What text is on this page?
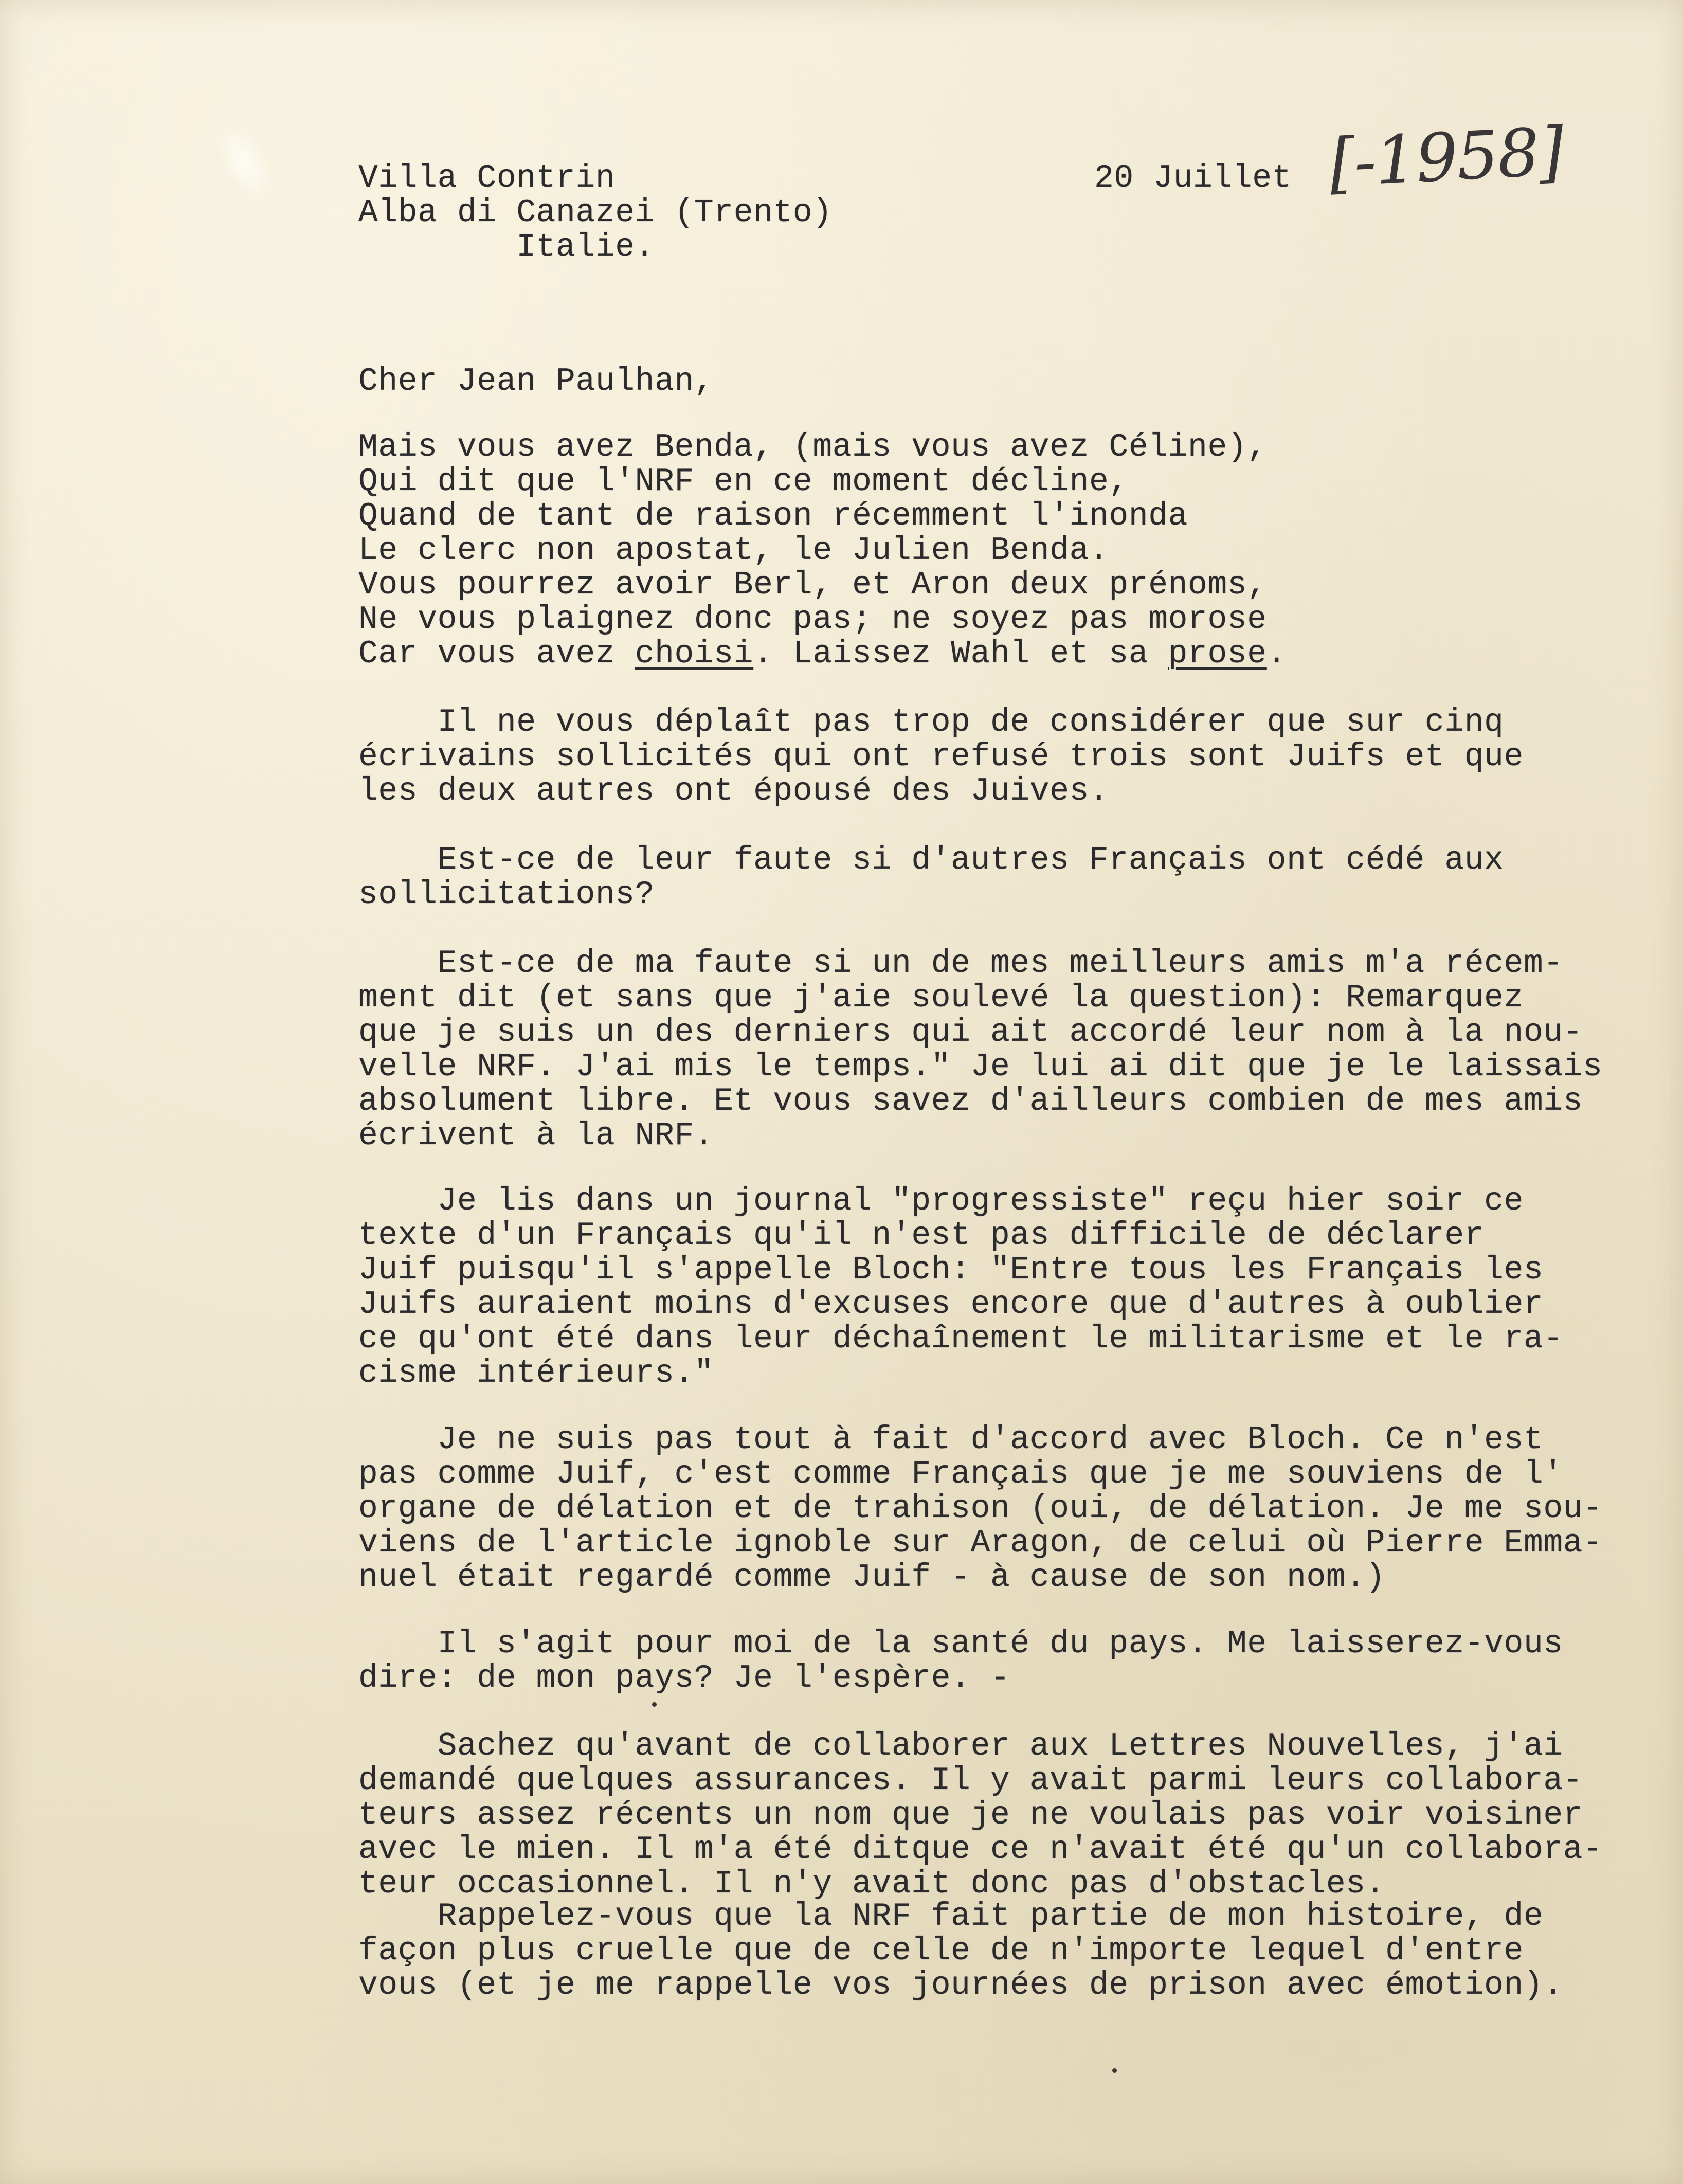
Villa Contrin
Alba di Canazei (Trento)
Italie.

20 Juillet [-1958]

Cher Jean Paulhan,

Mais vous avez Benda, (mais vous avez Céline),
Qui dit que l'NRF en ce moment décline,
Quand de tant de raison récemment l'inonda
Le clerc non apostat, le Julien Benda.
Vous pourrez avoir Berl, et Aron deux prénoms,
Ne vous plaignez donc pas; ne soyez pas morose
Car vous avez choisi. Laissez Wahl et sa prose.

Il ne vous déplaît pas trop de considérer que sur cinq
écrivains sollicités qui ont refusé trois sont Juifs et que
les deux autres ont épousé des Juives.

Est-ce de leur faute si d'autres Français ont cédé aux
sollicitations?

Est-ce de ma faute si un de mes meilleurs amis m'a récem-
ment dit (et sans que j'aie soulevé la question): Remarquez
que je suis un des derniers qui ait accordé leur nom à la nou-
velle NRF. J'ai mis le temps." Je lui ai dit que je le laissais
absolument libre. Et vous savez d'ailleurs combien de mes amis
écrivent à la NRF.

Je lis dans un journal "progressiste" reçu hier soir ce
texte d'un Français qu'il n'est pas difficile de déclarer
Juif puisqu'il s'appelle Bloch: "Entre tous les Français les
Juifs auraient moins d'excuses encore que d'autres à oublier
ce qu'ont été dans leur déchaînement le militarisme et le ra-
cisme intérieurs."

Je ne suis pas tout à fait d'accord avec Bloch. Ce n'est
pas comme Juif, c'est comme Français que je me souviens de l'
organe de délation et de trahison (oui, de délation. Je me sou-
viens de l'article ignoble sur Aragon, de celui où Pierre Emma-
nuel était regardé comme Juif - à cause de son nom.)

Il s'agit pour moi de la santé du pays. Me laisserez-vous
dire: de mon pays? Je l'espère. -

Sachez qu'avant de collaborer aux Lettres Nouvelles, j'ai
demandé quelques assurances. Il y avait parmi leurs collabora-
teurs assez récents un nom que je ne voulais pas voir voisiner
avec le mien. Il m'a été ditque ce n'avait été qu'un collabora-
teur occasionnel. Il n'y avait donc pas d'obstacles.

Rappelez-vous que la NRF fait partie de mon histoire, de
façon plus cruelle que de celle de n'importe lequel d'entre
vous (et je me rappelle vos journées de prison avec émotion).
